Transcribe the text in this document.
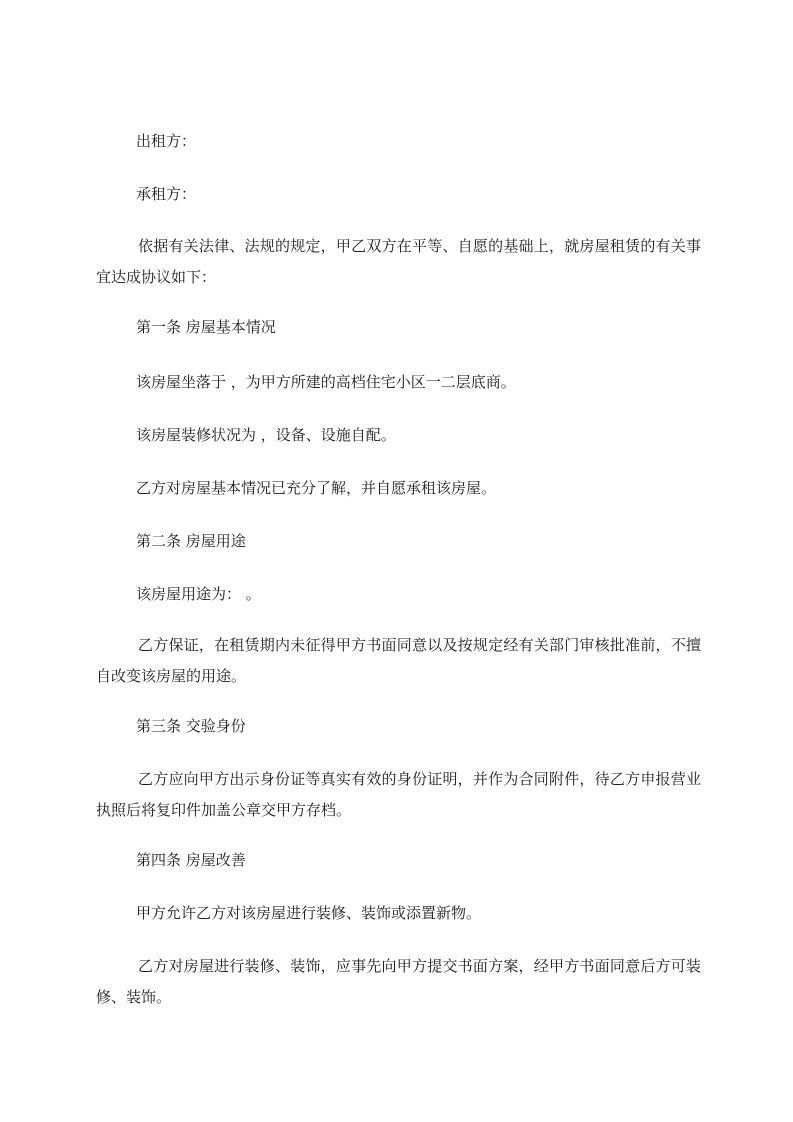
出租方：
承租方：
依据有关法律、法规的规定，甲乙双方在平等、自愿的基础上，就房屋租赁的有关事宜达成协议如下：
第一条 房屋基本情况
该房屋坐落于 ，为甲方所建的高档住宅小区一二层底商。
该房屋装修状况为 ，设备、设施自配。
乙方对房屋基本情况已充分了解，并自愿承租该房屋。
第二条 房屋用途
该房屋用途为： 。
乙方保证，在租赁期内未征得甲方书面同意以及按规定经有关部门审核批准前，不擅自改变该房屋的用途。
第三条 交验身份
乙方应向甲方出示身份证等真实有效的身份证明，并作为合同附件，待乙方申报营业执照后将复印件加盖公章交甲方存档。
第四条 房屋改善
甲方允许乙方对该房屋进行装修、装饰或添置新物。
乙方对房屋进行装修、装饰，应事先向甲方提交书面方案，经甲方书面同意后方可装修、装饰。
